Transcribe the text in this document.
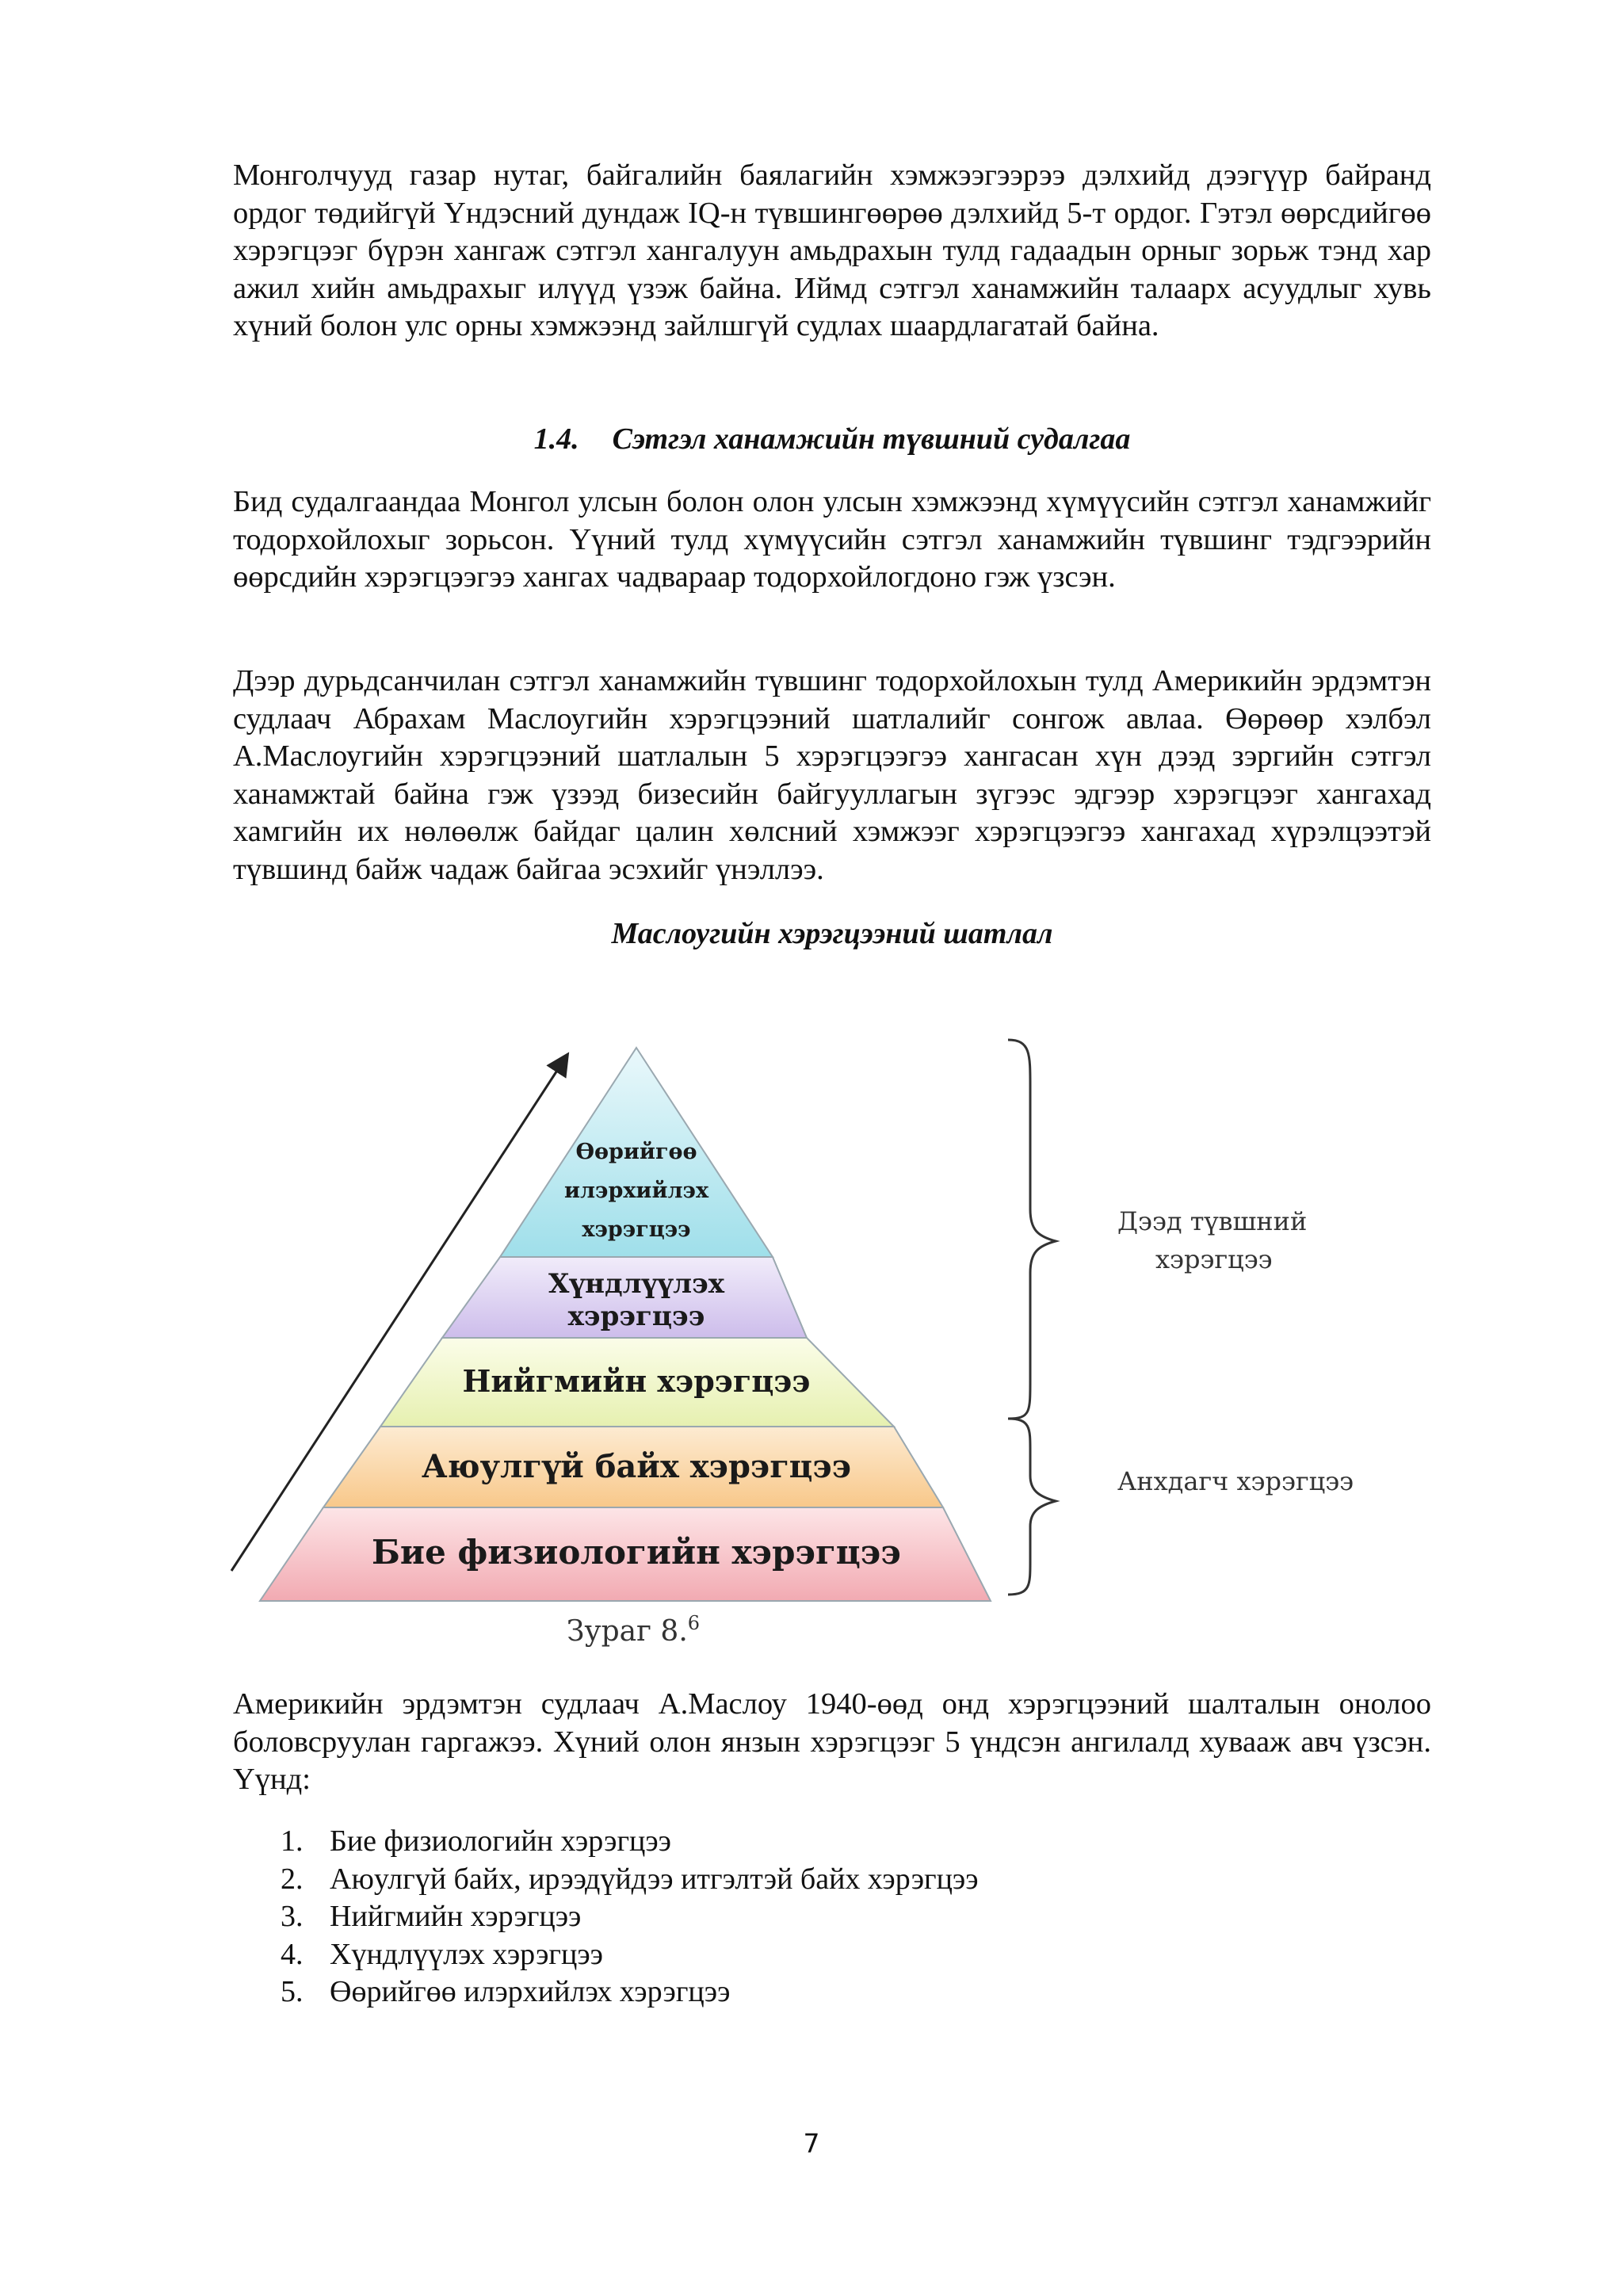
Монголчууд газар нутаг, байгалийн баялагийн хэмжээгээрээ дэлхийд дээгүүр байранд ордог төдийгүй Үндэсний дундаж IQ-н түвшингөөрөө дэлхийд 5-т ордог. Гэтэл өөрсдийгөө хэрэгцээг бүрэн хангаж сэтгэл хангалуун амьдрахын тулд гадаадын орныг зорьж тэнд хар ажил хийн амьдрахыг илүүд үзэж байна. Иймд сэтгэл ханамжийн талаарх асуудлыг хувь хүний болон улс орны хэмжээнд зайлшгүй судлах шаардлагатай байна.

1.4. Сэтгэл ханамжийн түвшний судалгаа

Бид судалгаандаа Монгол улсын болон олон улсын хэмжээнд хүмүүсийн сэтгэл ханамжийг тодорхойлохыг зорьсон. Үүний тулд хүмүүсийн сэтгэл ханамжийн түвшинг тэдгээрийн өөрсдийн хэрэгцээгээ хангах чадвараар тодорхойлогдоно гэж үзсэн.

Дээр дурьдсанчилан сэтгэл ханамжийн түвшинг тодорхойлохын тулд Америкийн эрдэмтэн судлаач Абрахам Маслоугийн хэрэгцээний шатлалийг сонгож авлаа. Өөрөөр хэлбэл А.Маслоугийн хэрэгцээний шатлалын 5 хэрэгцээгээ хангасан хүн дээд зэргийн сэтгэл ханамжтай байна гэж үзээд бизесийн байгууллагын зүгээс эдгээр хэрэгцээг хангахад хамгийн их нөлөөлж байдаг цалин хөлсний хэмжээг хэрэгцээгээ хангахад хүрэлцээтэй түвшинд байж чадаж байгаа эсэхийг үнэллээ.

Маслоугийн хэрэгцээний шатлал
Өөрийгөө
илэрхийлэх
хэрэгцээ
Хүндлүүлэх
хэрэгцээ
Нийгмийн хэрэгцээ
Аюулгүй байх хэрэгцээ
Бие физиологийн хэрэгцээ
Дээд түвшний
хэрэгцээ
Анхдагч хэрэгцээ
Зураг 8.$^6$

Америкийн эрдэмтэн судлаач А.Маслоу 1940-өөд онд хэрэгцээний шалталын онолоо боловсруулан гаргажээ. Хүний олон янзын хэрэгцээг 5 үндсэн ангилалд хувааж авч үзсэн. Үүнд:

1. Бие физиологийн хэрэгцээ
2. Аюулгүй байх, ирээдүйдээ итгэлтэй байх хэрэгцээ
3. Нийгмийн хэрэгцээ
4. Хүндлүүлэх хэрэгцээ
5. Өөрийгөө илэрхийлэх хэрэгцээ
7
